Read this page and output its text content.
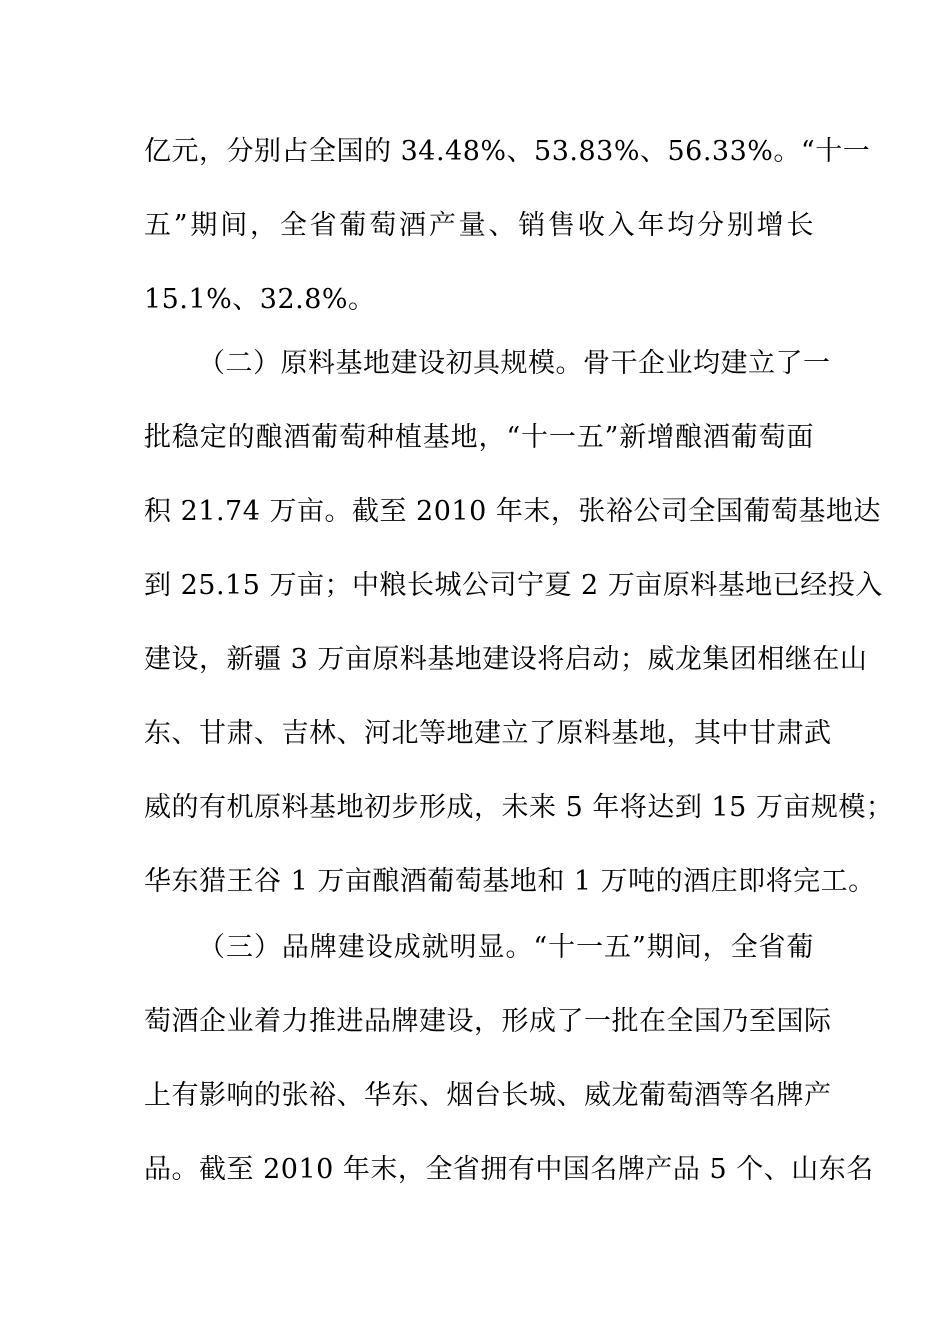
亿元，分别占全国的 34.48%、53.83%、56.33%。“十一
五”期间，全省葡萄酒产量、销售收入年均分别增长
15.1%、32.8%。
（二）原料基地建设初具规模。骨干企业均建立了一
批稳定的酿酒葡萄种植基地，“十一五”新增酿酒葡萄面
积 21.74 万亩。截至 2010 年末，张裕公司全国葡萄基地达
到 25.15 万亩；中粮长城公司宁夏 2 万亩原料基地已经投入
建设，新疆 3 万亩原料基地建设将启动；威龙集团相继在山
东、甘肃、吉林、河北等地建立了原料基地，其中甘肃武
威的有机原料基地初步形成，未来 5 年将达到 15 万亩规模；
华东猎王谷 1 万亩酿酒葡萄基地和 1 万吨的酒庄即将完工。
（三）品牌建设成就明显。“十一五”期间，全省葡
萄酒企业着力推进品牌建设，形成了一批在全国乃至国际
上有影响的张裕、华东、烟台长城、威龙葡萄酒等名牌产
品。截至 2010 年末，全省拥有中国名牌产品 5 个、山东名
